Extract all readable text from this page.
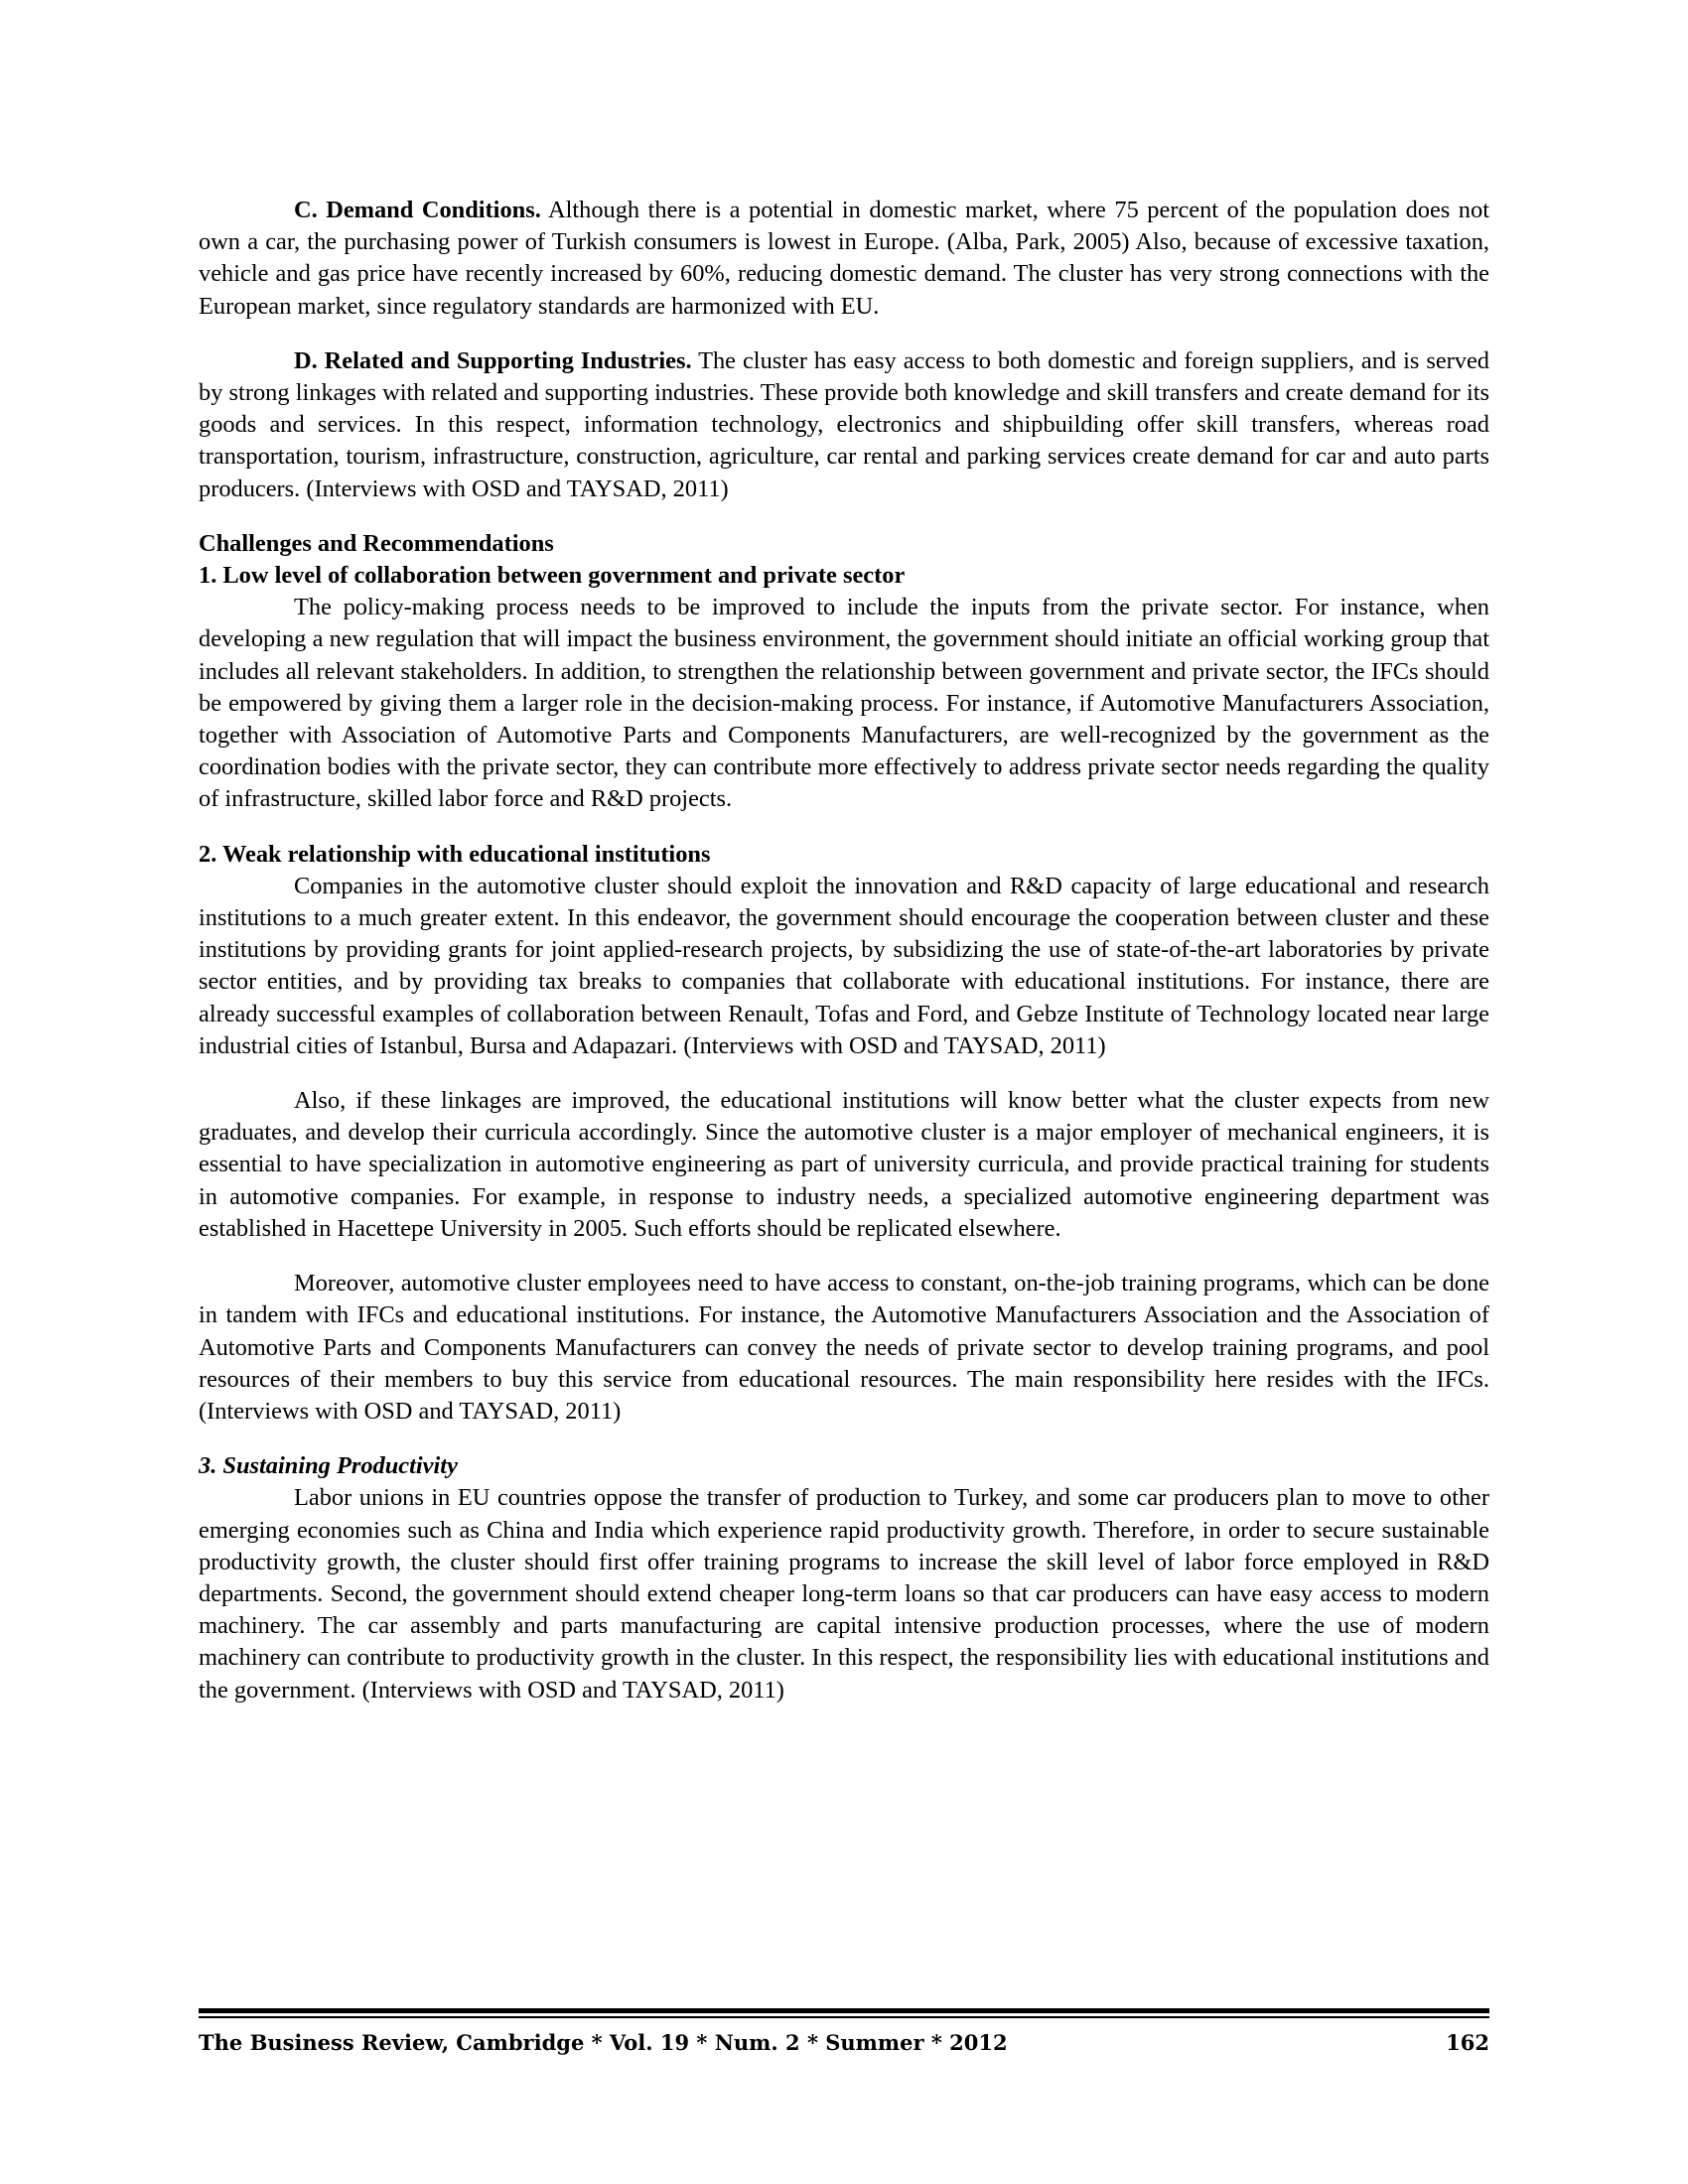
C. Demand Conditions. Although there is a potential in domestic market, where 75 percent of the population does not own a car, the purchasing power of Turkish consumers is lowest in Europe. (Alba, Park, 2005) Also, because of excessive taxation, vehicle and gas price have recently increased by 60%, reducing domestic demand. The cluster has very strong connections with the European market, since regulatory standards are harmonized with EU.

D. Related and Supporting Industries. The cluster has easy access to both domestic and foreign suppliers, and is served by strong linkages with related and supporting industries. These provide both knowledge and skill transfers and create demand for its goods and services. In this respect, information technology, electronics and shipbuilding offer skill transfers, whereas road transportation, tourism, infrastructure, construction, agriculture, car rental and parking services create demand for car and auto parts producers. (Interviews with OSD and TAYSAD, 2011)

Challenges and Recommendations

1. Low level of collaboration between government and private sector

The policy-making process needs to be improved to include the inputs from the private sector. For instance, when developing a new regulation that will impact the business environment, the government should initiate an official working group that includes all relevant stakeholders. In addition, to strengthen the relationship between government and private sector, the IFCs should be empowered by giving them a larger role in the decision-making process. For instance, if Automotive Manufacturers Association, together with Association of Automotive Parts and Components Manufacturers, are well-recognized by the government as the coordination bodies with the private sector, they can contribute more effectively to address private sector needs regarding the quality of infrastructure, skilled labor force and R&D projects.

2. Weak relationship with educational institutions

Companies in the automotive cluster should exploit the innovation and R&D capacity of large educational and research institutions to a much greater extent. In this endeavor, the government should encourage the cooperation between cluster and these institutions by providing grants for joint applied-research projects, by subsidizing the use of state-of-the-art laboratories by private sector entities, and by providing tax breaks to companies that collaborate with educational institutions. For instance, there are already successful examples of collaboration between Renault, Tofas and Ford, and Gebze Institute of Technology located near large industrial cities of Istanbul, Bursa and Adapazari. (Interviews with OSD and TAYSAD, 2011)

Also, if these linkages are improved, the educational institutions will know better what the cluster expects from new graduates, and develop their curricula accordingly. Since the automotive cluster is a major employer of mechanical engineers, it is essential to have specialization in automotive engineering as part of university curricula, and provide practical training for students in automotive companies. For example, in response to industry needs, a specialized automotive engineering department was established in Hacettepe University in 2005. Such efforts should be replicated elsewhere.

Moreover, automotive cluster employees need to have access to constant, on-the-job training programs, which can be done in tandem with IFCs and educational institutions. For instance, the Automotive Manufacturers Association and the Association of Automotive Parts and Components Manufacturers can convey the needs of private sector to develop training programs, and pool resources of their members to buy this service from educational resources. The main responsibility here resides with the IFCs. (Interviews with OSD and TAYSAD, 2011)

3. Sustaining Productivity

Labor unions in EU countries oppose the transfer of production to Turkey, and some car producers plan to move to other emerging economies such as China and India which experience rapid productivity growth. Therefore, in order to secure sustainable productivity growth, the cluster should first offer training programs to increase the skill level of labor force employed in R&D departments. Second, the government should extend cheaper long-term loans so that car producers can have easy access to modern machinery. The car assembly and parts manufacturing are capital intensive production processes, where the use of modern machinery can contribute to productivity growth in the cluster. In this respect, the responsibility lies with educational institutions and the government. (Interviews with OSD and TAYSAD, 2011)

The Business Review, Cambridge * Vol. 19 * Num. 2 * Summer * 2012	162
